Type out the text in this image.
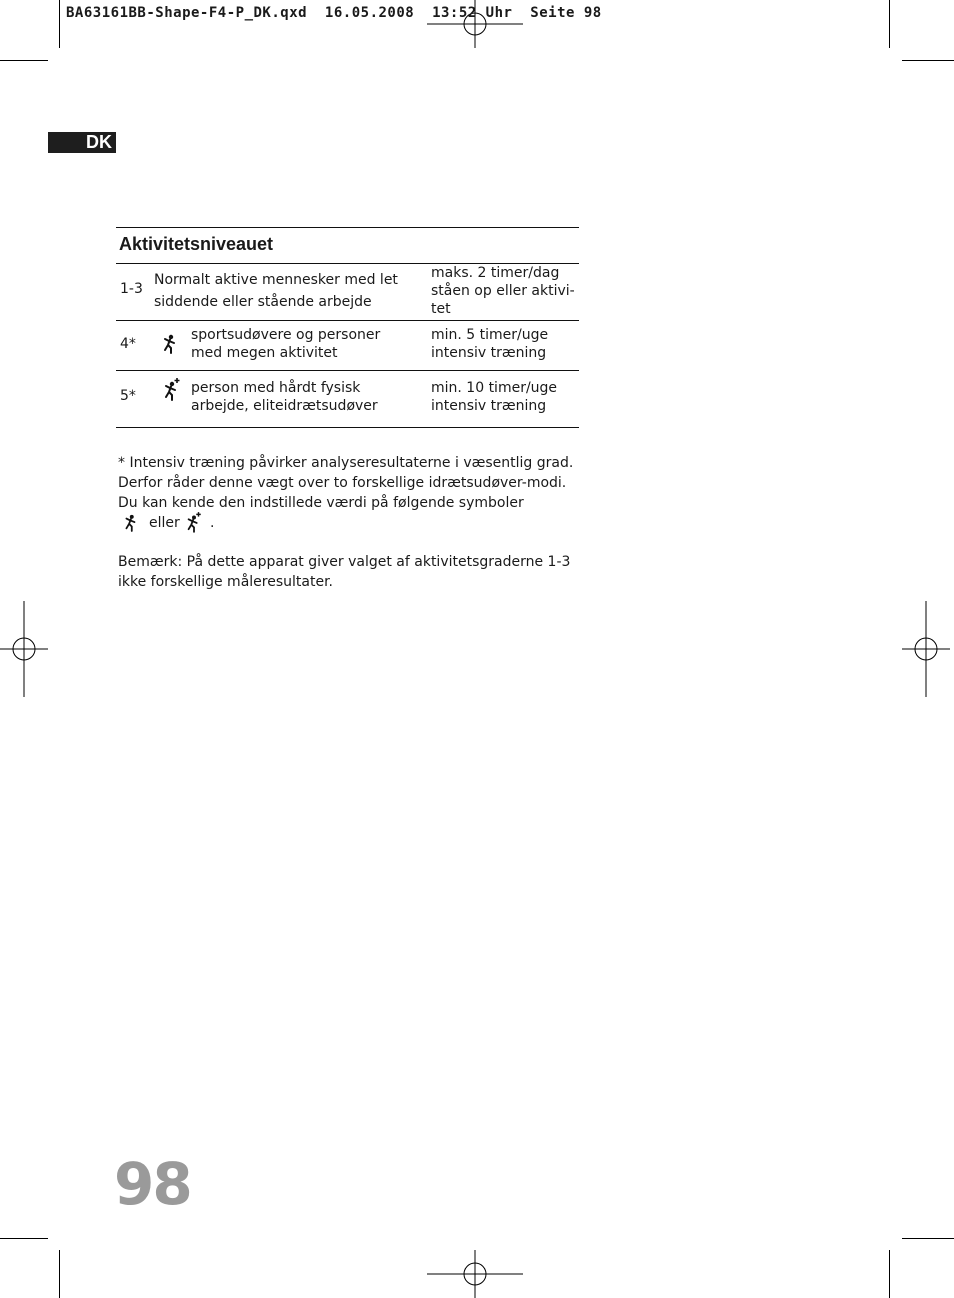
BA63161BB-Shape-F4-P_DK.qxd  16.05.2008  13:52 Uhr  Seite 98
DK
Aktivitetsniveauet
1-3
Normalt aktive mennesker med let
siddende eller stående arbejde
maks. 2 timer/dag
ståen op eller aktivi-
tet
4*
sportsudøvere og personer
med megen aktivitet
min. 5 timer/uge
intensiv træning
5*	person med hårdt fysisk
arbejde, eliteidrætsudøver
min. 10 timer/uge
intensiv træning

* Intensiv træning påvirker analyseresultaterne i væsentlig grad.

Derfor råder denne vægt over to forskellige idrætsudøver-modi.

Du kan kende den indstillede værdi på følgende symboler

eller .

Bemærk: På dette apparat giver valget af aktivitetsgraderne 1-3

ikke forskellige måleresultater.

98
